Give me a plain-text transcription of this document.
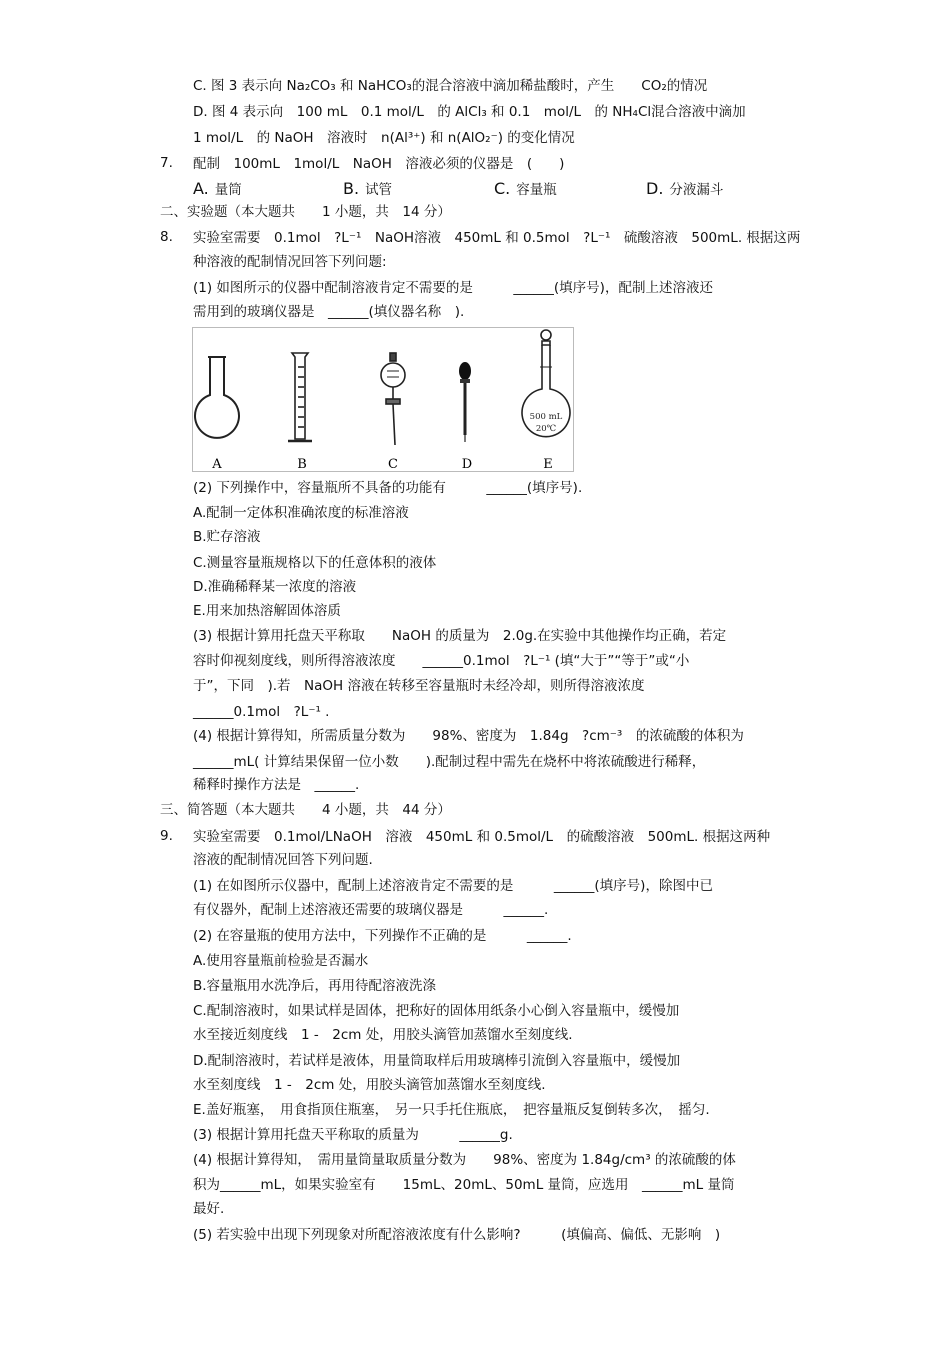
C. 图 3 表示向 Na₂CO₃ 和 NaHCO₃的混合溶液中滴加稀盐酸时，产生　　CO₂的情况
D. 图 4 表示向　100 mL　0.1 mol/L　的 AlCl₃ 和 0.1　mol/L　的 NH₄Cl混合溶液中滴加
1 mol/L　的 NaOH　溶液时　n(Al³⁺) 和 n(AlO₂⁻) 的变化情况
配制　100mL　1mol/L　NaOH　溶液必须的仪器是　(　　)
二、实验题（本大题共　　1 小题，共　14 分）
实验室需要　0.1mol　?L⁻¹　NaOH溶液　450mL 和 0.5mol　?L⁻¹　硫酸溶液　500mL. 根据这两
种溶液的配制情况回答下列问题:
(1) 如图所示的仪器中配制溶液肯定不需要的是　　　______(填序号)，配制上述溶液还
需用到的玻璃仪器是　______(填仪器名称　).
(2) 下列操作中，容量瓶所不具备的功能有　　　______(填序号).
A.配制一定体积准确浓度的标准溶液
B.贮存溶液
C.测量容量瓶规格以下的任意体积的液体
D.准确稀释某一浓度的溶液
E.用来加热溶解固体溶质
(3) 根据计算用托盘天平称取　　NaOH 的质量为　2.0g.在实验中其他操作均正确，若定
容时仰视刻度线，则所得溶液浓度　　______0.1mol　?L⁻¹ (填“大于”“等于”或“小
于”，下同　).若　NaOH 溶液在转移至容量瓶时未经冷却，则所得溶液浓度
______0.1mol　?L⁻¹ .
(4) 根据计算得知，所需质量分数为　　98%、密度为　1.84g　?cm⁻³　的浓硫酸的体积为
______mL( 计算结果保留一位小数　　).配制过程中需先在烧杯中将浓硫酸进行稀释，
稀释时操作方法是　______.
三、简答题（本大题共　　4 小题，共　44 分）
实验室需要　0.1mol/LNaOH　溶液　450mL 和 0.5mol/L　的硫酸溶液　500mL. 根据这两种
溶液的配制情况回答下列问题.
(1) 在如图所示仪器中，配制上述溶液肯定不需要的是　　　______(填序号)，除图中已
有仪器外，配制上述溶液还需要的玻璃仪器是　　　______.
(2) 在容量瓶的使用方法中，下列操作不正确的是　　　______.
A.使用容量瓶前检验是否漏水
B.容量瓶用水洗净后，再用待配溶液洗涤
C.配制溶液时，如果试样是固体，把称好的固体用纸条小心倒入容量瓶中，缓慢加
水至接近刻度线　1 -　2cm 处，用胶头滴管加蒸馏水至刻度线.
D.配制溶液时，若试样是液体，用量筒取样后用玻璃棒引流倒入容量瓶中，缓慢加
水至刻度线　1 -　2cm 处，用胶头滴管加蒸馏水至刻度线.
E.盖好瓶塞，　用食指顶住瓶塞，　另一只手托住瓶底，　把容量瓶反复倒转多次，　摇匀.
(3) 根据计算用托盘天平称取的质量为　　　______g.
(4) 根据计算得知，　需用量筒量取质量分数为　　98%、密度为 1.84g/cm³ 的浓硫酸的体
积为______mL，如果实验室有　　15mL、20mL、50mL 量筒，应选用　______mL 量筒
最好.
(5) 若实验中出现下列现象对所配溶液浓度有什么影响?　　　(填偏高、偏低、无影响　)
7.
8.
9.
A. 量筒	B. 试管	C. 容量瓶	D. 分液漏斗
500 mL
20℃
A	B	C	D	E
